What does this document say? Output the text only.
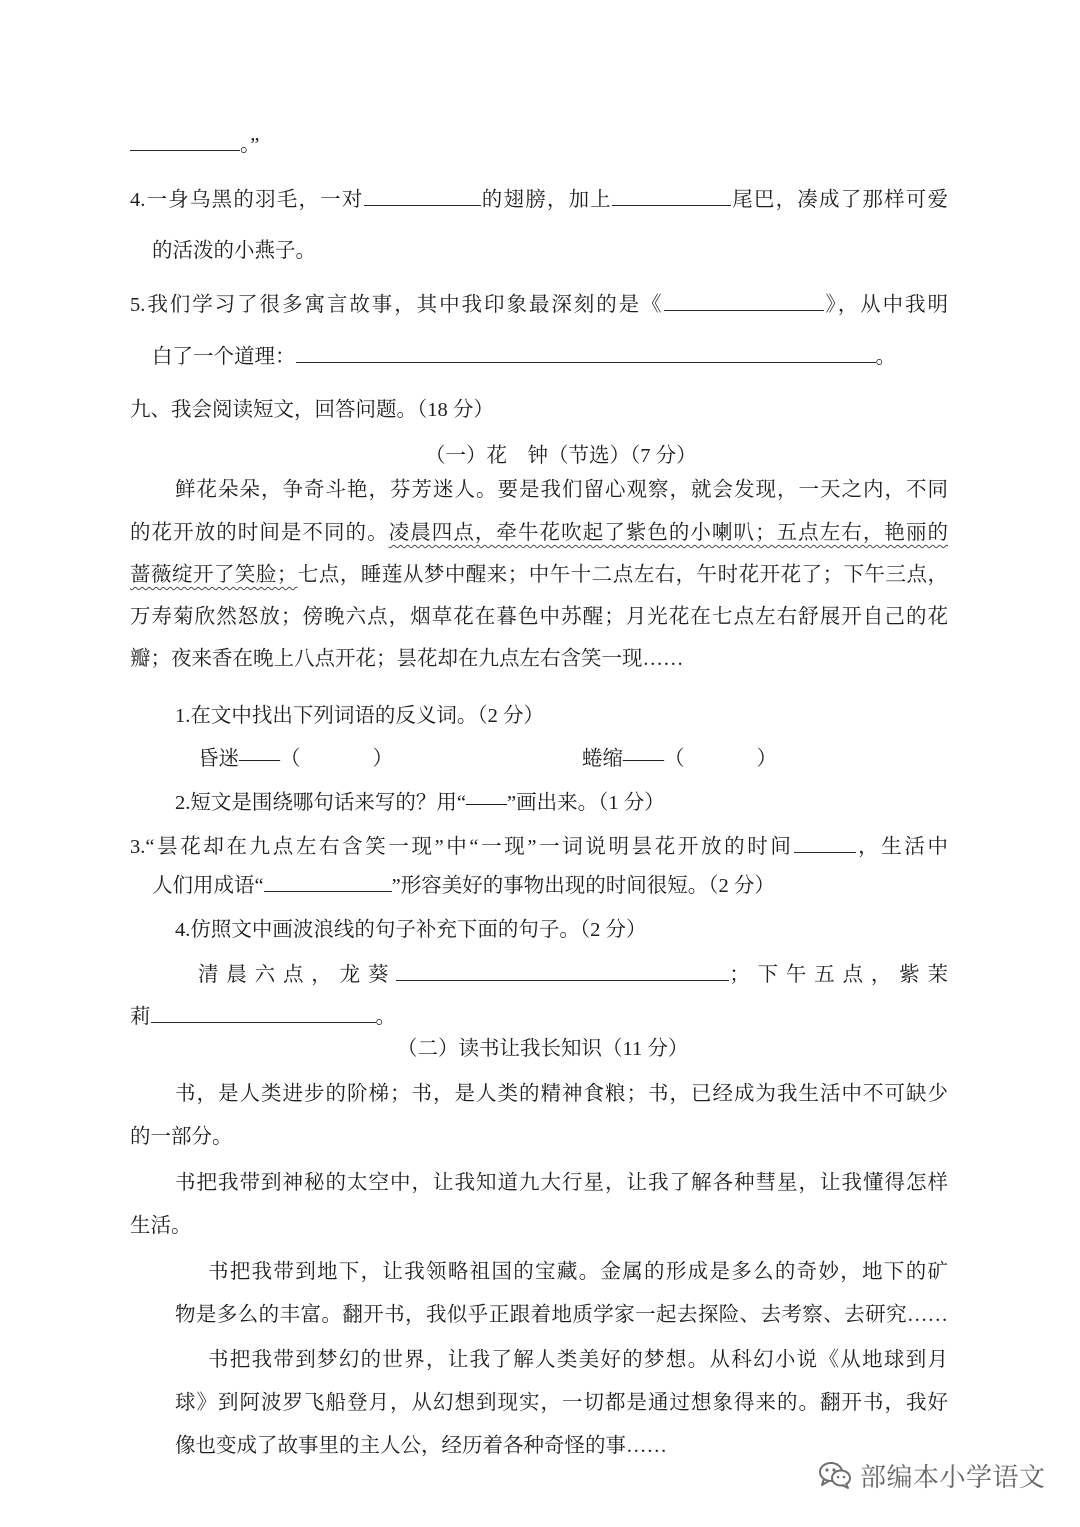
。”
4.一身乌黑的羽毛，一对	的翅膀，加上	尾巴，凑成了那样可爱
的活泼的小燕子。
5.我们学习了很多寓言故事，其中我印象最深刻的是《	》，从中我明
白了一个道理：	。
九、我会阅读短文，回答问题。（18 分）
（一）花　钟（节选）（7 分）
鲜花朵朵，争奇斗艳，芬芳迷人。要是我们留心观察，就会发现，一天之内，不同
的花开放的时间是不同的。凌晨四点，牵牛花吹起了紫色的小喇叭；五点左右，艳丽的
蔷薇绽开了笑脸；七点，睡莲从梦中醒来；中午十二点左右，午时花开花了；下午三点，
万寿菊欣然怒放；傍晚六点，烟草花在暮色中苏醒；月光花在七点左右舒展开自己的花
瓣；夜来香在晚上八点开花；昙花却在九点左右含笑一现……
1.在文中找出下列词语的反义词。（2 分）
昏迷——（	）	蜷缩——（	）
2.短文是围绕哪句话来写的？用“——”画出来。（1 分）
3.“昙花却在九点左右含笑一现”中“一现”一词说明昙花开放的时间	，生活中
人们用成语“	”形容美好的事物出现的时间很短。（2 分）
4.仿照文中画波浪线的句子补充下面的句子。（2 分）
清晨六点，龙葵	；下午五点，紫茉
莉	。
（二）读书让我长知识（11 分）
书，是人类进步的阶梯；书，是人类的精神食粮；书，已经成为我生活中不可缺少
的一部分。
书把我带到神秘的太空中，让我知道九大行星，让我了解各种彗星，让我懂得怎样
生活。
书把我带到地下，让我领略祖国的宝藏。金属的形成是多么的奇妙，地下的矿
物是多么的丰富。翻开书，我似乎正跟着地质学家一起去探险、去考察、去研究……
书把我带到梦幻的世界，让我了解人类美好的梦想。从科幻小说《从地球到月
球》到阿波罗飞船登月，从幻想到现实，一切都是通过想象得来的。翻开书，我好
像也变成了故事里的主人公，经历着各种奇怪的事……
部编本小学语文
